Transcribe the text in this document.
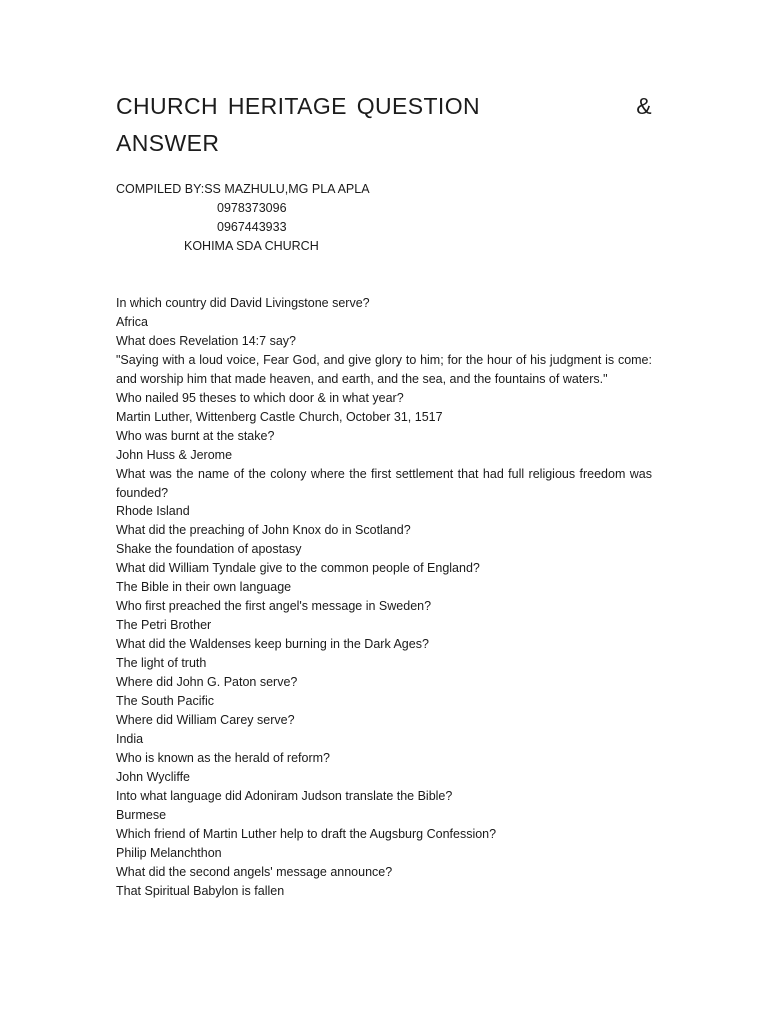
CHURCH HERITAGE QUESTION	&
ANSWER
COMPILED BY:SS MAZHULU,MG PLA APLA
0978373096
0967443933
KOHIMA SDA CHURCH

In which country did David Livingstone serve?

Africa

What does Revelation 14:7 say?

"Saying with a loud voice, Fear God, and give glory to him; for the hour of his judgment is come: and worship him that made heaven, and earth, and the sea, and the fountains of waters."

Who nailed 95 theses to which door & in what year?

Martin Luther, Wittenberg Castle Church, October 31, 1517

Who was burnt at the stake?

John Huss & Jerome

What was the name of the colony where the first settlement that had full religious freedom was founded?

Rhode Island

What did the preaching of John Knox do in Scotland?

Shake the foundation of apostasy

What did William Tyndale give to the common people of England?

The Bible in their own language

Who first preached the first angel's message in Sweden?

The Petri Brother

What did the Waldenses keep burning in the Dark Ages?

The light of truth

Where did John G. Paton serve?

The South Pacific

Where did William Carey serve?

India

Who is known as the herald of reform?

John Wycliffe

Into what language did Adoniram Judson translate the Bible?

Burmese

Which friend of Martin Luther help to draft the Augsburg Confession?

Philip Melanchthon

What did the second angels' message announce?

That Spiritual Babylon is fallen
